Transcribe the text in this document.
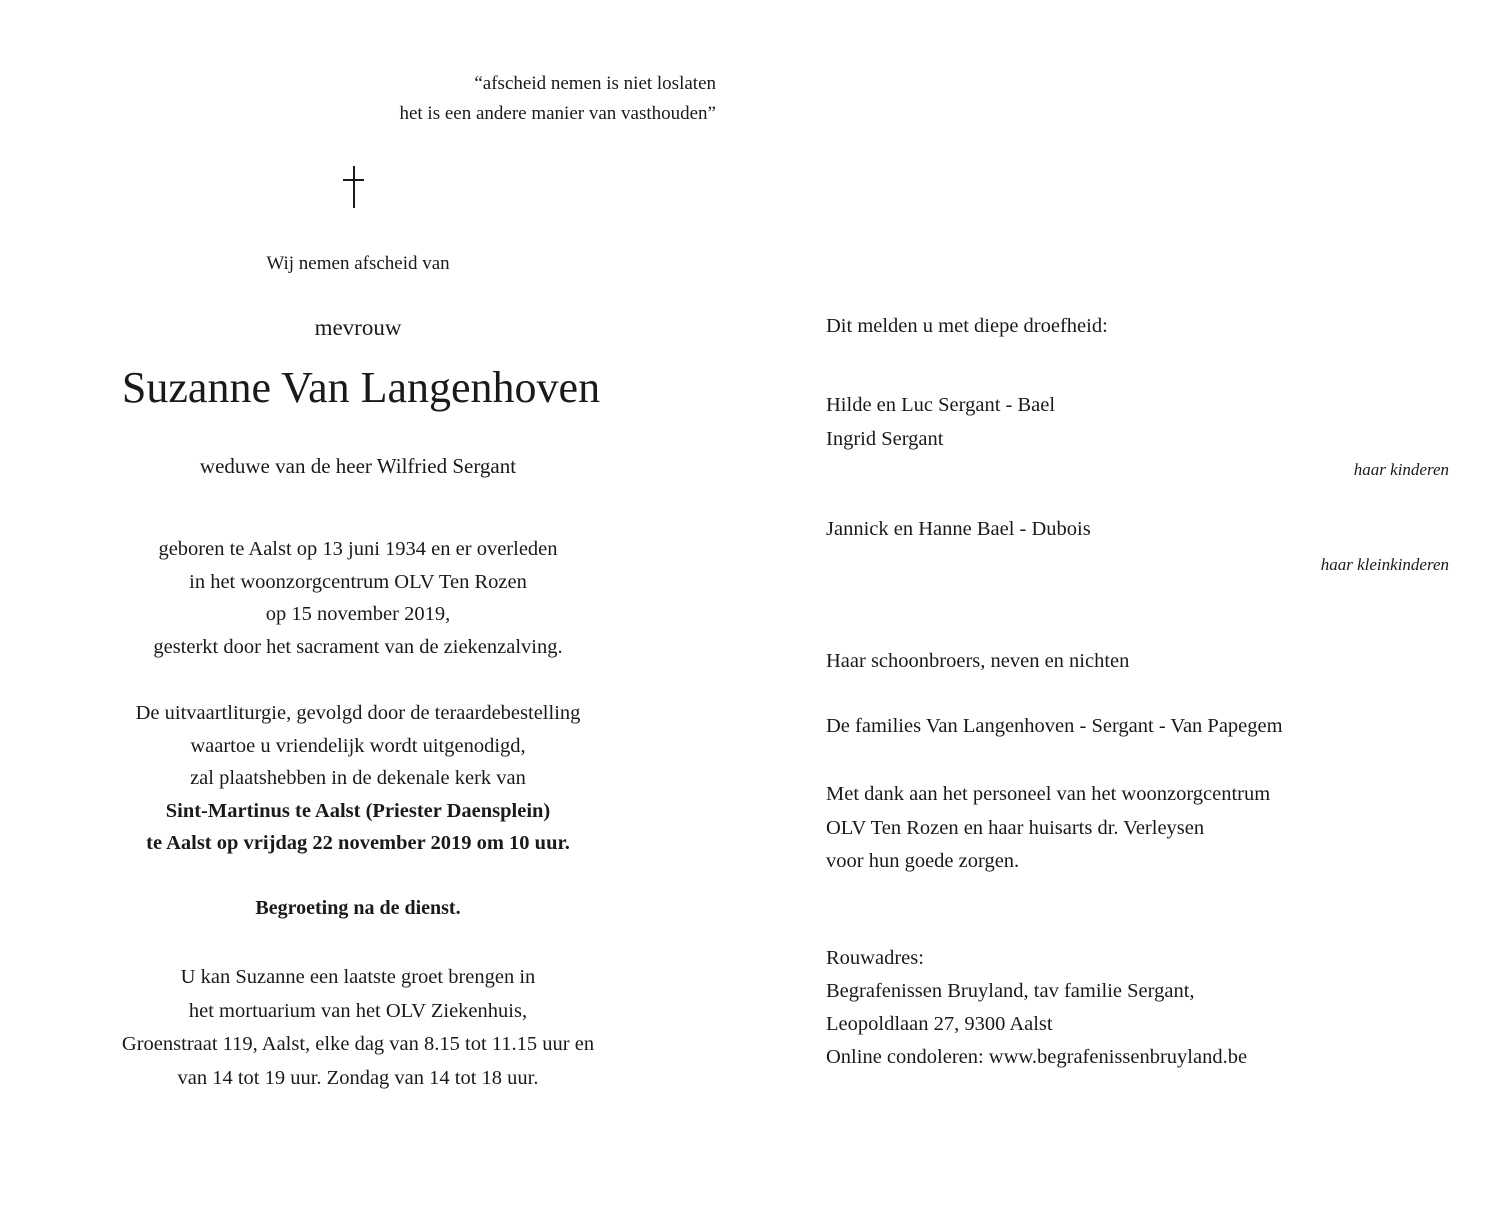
“afscheid nemen is niet loslaten
het is een andere manier van vasthouden”
Wij nemen afscheid van
mevrouw
Suzanne Van Langenhoven
weduwe van de heer Wilfried Sergant
geboren te Aalst op 13 juni 1934 en er overleden
in het woonzorgcentrum OLV Ten Rozen
op 15 november 2019,
gesterkt door het sacrament van de ziekenzalving.
De uitvaartliturgie, gevolgd door de teraardebestelling
waartoe u vriendelijk wordt uitgenodigd,
zal plaatshebben in de dekenale kerk van
Sint-Martinus te Aalst (Priester Daensplein)
te Aalst op vrijdag 22 november 2019 om 10 uur.
Begroeting na de dienst.
U kan Suzanne een laatste groet brengen in
het mortuarium van het OLV Ziekenhuis,
Groenstraat 119, Aalst, elke dag van 8.15 tot 11.15 uur en
van 14 tot 19 uur. Zondag van 14 tot 18 uur.
Dit melden u met diepe droefheid:
Hilde en Luc Sergant - Bael
Ingrid Sergant
haar kinderen
Jannick en Hanne Bael - Dubois
haar kleinkinderen
Haar schoonbroers, neven en nichten
De families Van Langenhoven - Sergant - Van Papegem
Met dank aan het personeel van het woonzorgcentrum
OLV Ten Rozen en haar huisarts dr. Verleysen
voor hun goede zorgen.
Rouwadres:
Begrafenissen Bruyland, tav familie Sergant,
Leopoldlaan 27, 9300 Aalst
Online condoleren: www.begrafenissenbruyland.be
